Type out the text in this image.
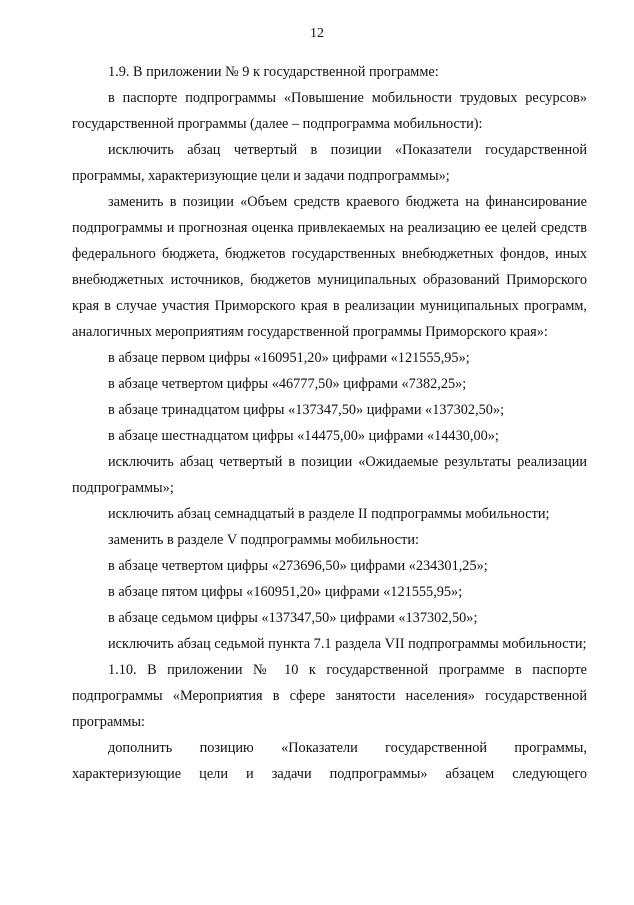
12

1.9. В приложении № 9 к государственной программе:

в паспорте подпрограммы «Повышение мобильности трудовых ресурсов» государственной программы (далее – подпрограмма мобильности):

исключить абзац четвертый в позиции «Показатели государственной программы, характеризующие цели и задачи подпрограммы»;

заменить в позиции «Объем средств краевого бюджета на финансирование подпрограммы и прогнозная оценка привлекаемых на реализацию ее целей средств федерального бюджета, бюджетов государственных внебюджетных фондов, иных внебюджетных источников, бюджетов муниципальных образований Приморского края в случае участия Приморского края в реализации муниципальных программ, аналогичных мероприятиям государственной программы Приморского края»:

в абзаце первом цифры «160951,20» цифрами «121555,95»;

в абзаце четвертом цифры «46777,50» цифрами «7382,25»;

в абзаце тринадцатом цифры «137347,50» цифрами «137302,50»;

в абзаце шестнадцатом цифры «14475,00» цифрами «14430,00»;

исключить абзац четвертый в позиции «Ожидаемые результаты реализации подпрограммы»;

исключить абзац семнадцатый в разделе II подпрограммы мобильности;

заменить в разделе V подпрограммы мобильности:

в абзаце четвертом цифры «273696,50» цифрами «234301,25»;

в абзаце пятом цифры «160951,20» цифрами «121555,95»;

в абзаце седьмом цифры «137347,50» цифрами «137302,50»;

исключить абзац седьмой пункта 7.1 раздела VII подпрограммы мобильности;

1.10. В приложении № 10 к государственной программе в паспорте подпрограммы «Мероприятия в сфере занятости населения» государственной программы:

дополнить позицию «Показатели государственной программы, характеризующие цели и задачи подпрограммы» абзацем следующего
